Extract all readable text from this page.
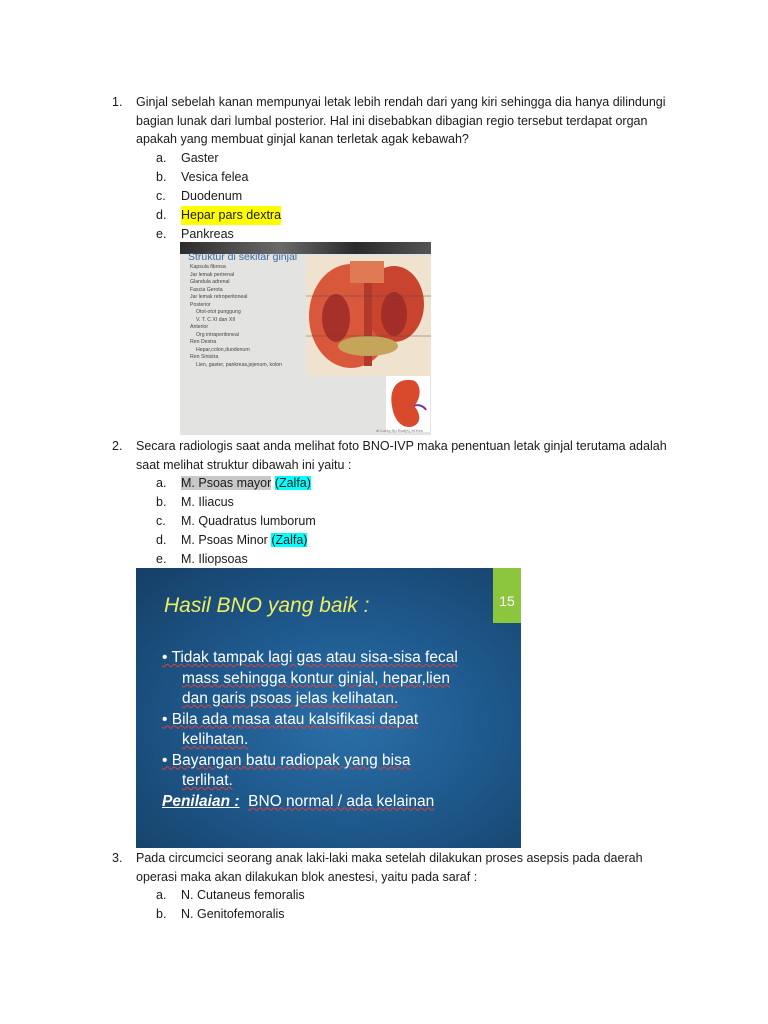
1. Ginjal sebelah kanan mempunyai letak lebih rendah dari yang kiri sehingga dia hanya dilindungi bagian lunak dari lumbal posterior. Hal ini disebabkan dibagian regio tersebut terdapat organ apakah yang membuat ginjal kanan terletak agak kebawah?
a.	Gaster
b.	Vesica felea
c.	Duodenum
d.	Hepar pars dextra
e.	Pankreas
Struktur di sekitar ginjal
Kapsula fibrosa
Jar lemak perirenal
Glandula adrenal
Fascia Gerota
Jar lemak retroperitoneal
Posterior
Otot-otot punggung
V. T. C XI dan XII
Anterior
Org intraperitoneal
Ren Dextra
Hepar,colon,duodenum
Ren Sinistra
Lien, gaster, pankreas,jejenum, kolon
dr.Lucky,Sp.Rad(K),M.Kes
2. Secara radiologis saat anda melihat foto BNO-IVP maka penentuan letak ginjal terutama adalah saat melihat struktur dibawah ini yaitu :
a.	M. Psoas mayor (Zalfa)
b.	M. Iliacus
c.	M. Quadratus lumborum
d.	M. Psoas Minor (Zalfa)
e.	M. Iliopsoas
Hasil BNO yang baik :	15
• Tidak tampak lagi gas atau sisa-sisa fecal
mass sehingga kontur ginjal, hepar,lien
dan garis psoas jelas kelihatan.
• Bila ada masa atau kalsifikasi dapat
kelihatan.
• Bayangan batu radiopak yang bisa
terlihat.
Penilaian : BNO normal / ada kelainan
3. Pada circumcici seorang anak laki-laki maka setelah dilakukan proses asepsis pada daerah operasi maka akan dilakukan blok anestesi, yaitu pada saraf :
a.	N. Cutaneus femoralis
b.	N. Genitofemoralis
